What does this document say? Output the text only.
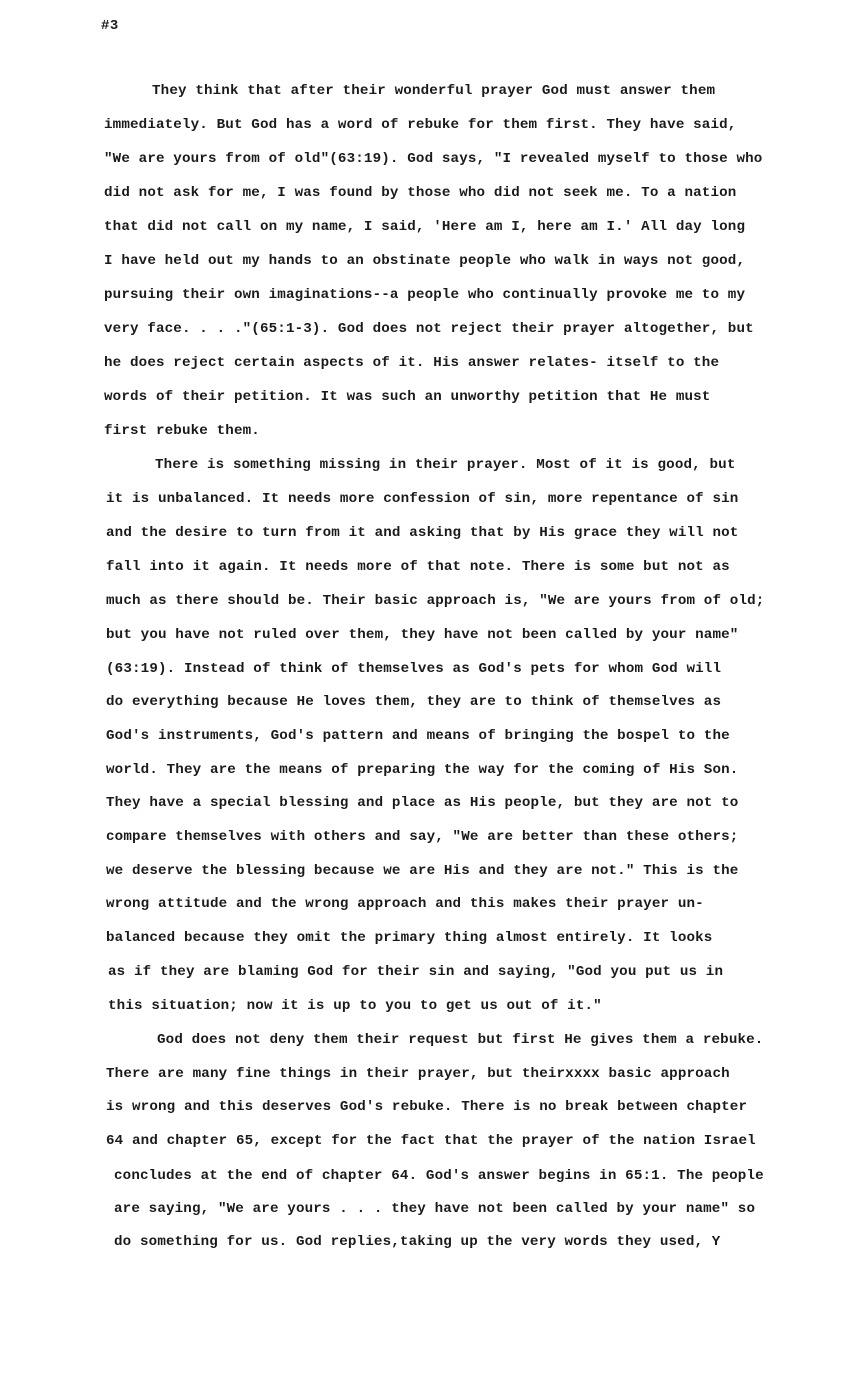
#3
They think that after their wonderful prayer God must answer them
immediately. But God has a word of rebuke for them first. They have said,
"We are yours from of old"(63:19). God says, "I revealed myself to those who
did not ask for me, I was found by those who did not seek me. To a nation
that did not call on my name, I said, 'Here am I, here am I.' All day long
I have held out my hands to an obstinate people who walk in ways not good,
pursuing their own imaginations--a people who continually provoke me to my
very face. . . ."(65:1-3). God does not reject their prayer altogether, but
he does reject certain aspects of it. His answer relates- itself to the
words of their petition. It was such an unworthy petition that He must
first rebuke them.
There is something missing in their prayer. Most of it is good, but
it is unbalanced. It needs more confession of sin, more repentance of sin
and the desire to turn from it and asking that by His grace they will not
fall into it again. It needs more of that note. There is some but not as
much as there should be. Their basic approach is, "We are yours from of old;
but you have not ruled over them, they have not been called by your name"
(63:19). Instead of think of themselves as God's pets for whom God will
do everything because He loves them, they are to think of themselves as
God's instruments, God's pattern and means of bringing the bospel to the
world. They are the means of preparing the way for the coming of His Son.
They have a special blessing and place as His people, but they are not to
compare themselves with others and say, "We are better than these others;
we deserve the blessing because we are His and they are not." This is the
wrong attitude and the wrong approach and this makes their prayer un-
balanced because they omit the primary thing almost entirely. It looks
as if they are blaming God for their sin and saying, "God you put us in
this situation; now it is up to you to get us out of it."
God does not deny them their request but first He gives them a rebuke.
There are many fine things in their prayer, but theirxxxx basic approach
is wrong and this deserves God's rebuke. There is no break between chapter
64 and chapter 65, except for the fact that the prayer of the nation Israel
concludes at the end of chapter 64. God's answer begins in 65:1. The people
are saying, "We are yours . . . they have not been called by your name" so
do something for us. God replies,taking up the very words they used, Y
